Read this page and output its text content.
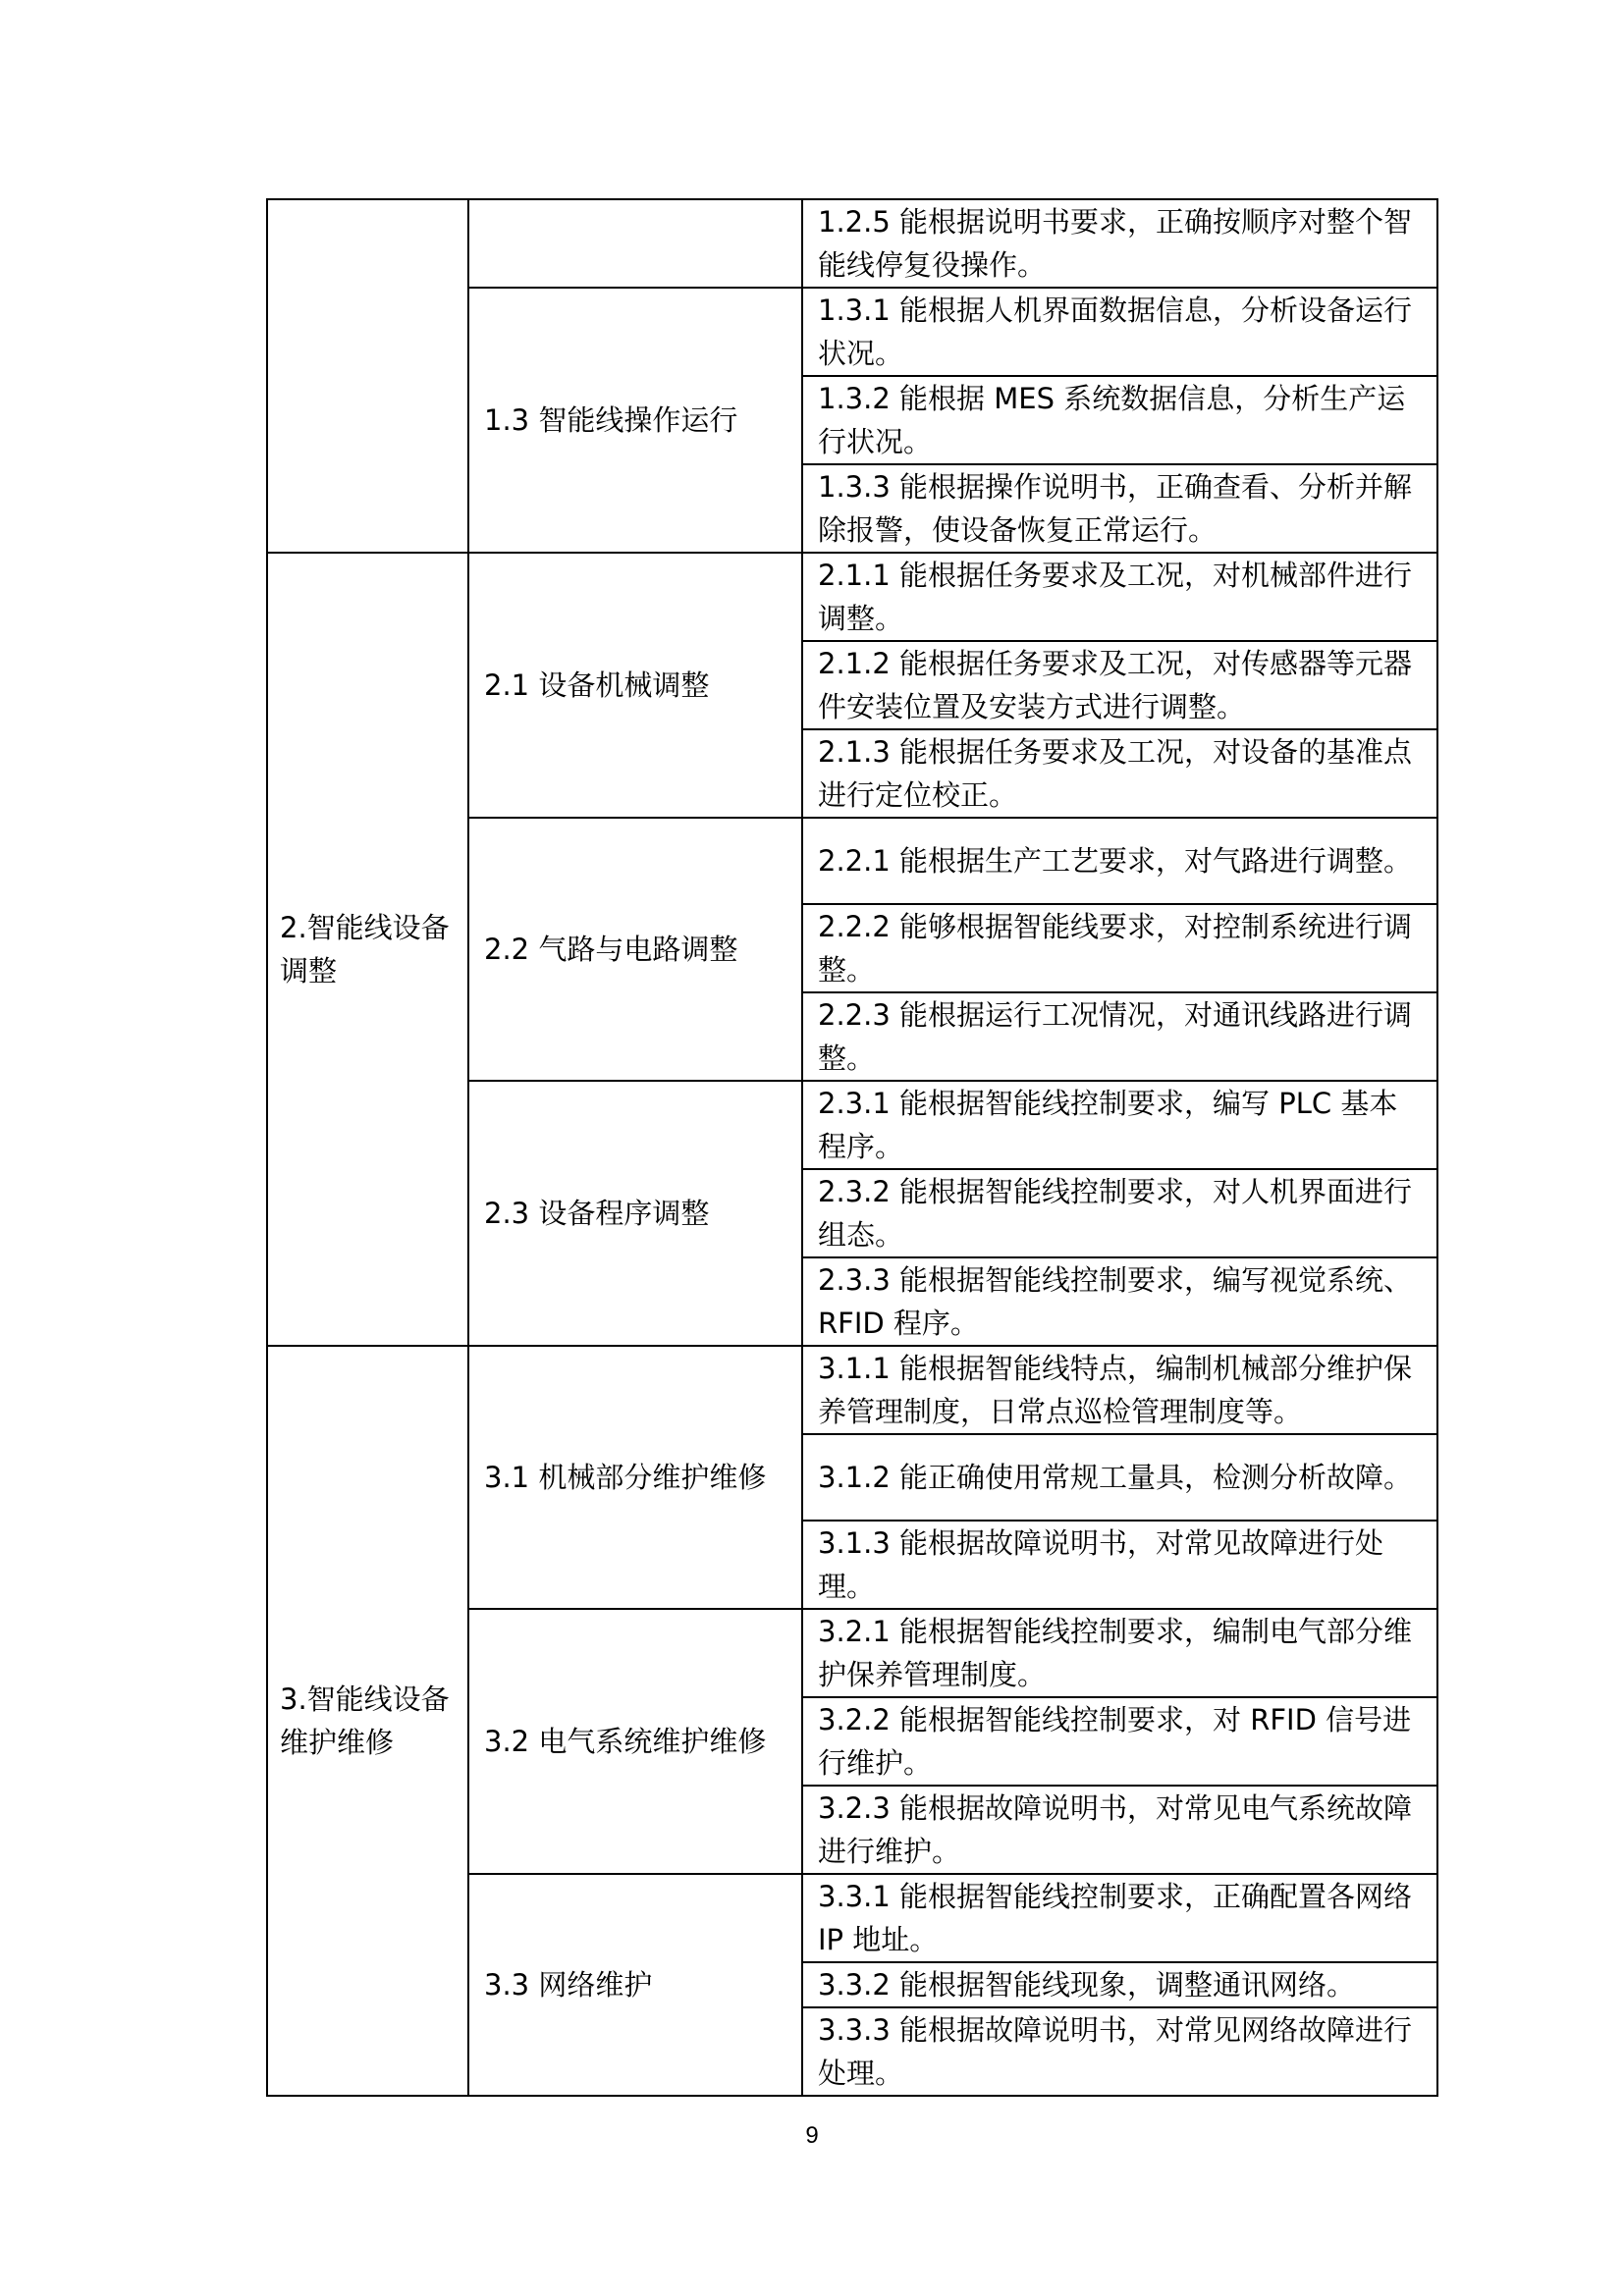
		1.2.5 能根据说明书要求，正确按顺序对整个智能线停复役操作。

	1.3 智能线操作运行	1.3.1 能根据人机界面数据信息，分析设备运行状况。

		1.3.2 能根据 MES 系统数据信息，分析生产运行状况。

		1.3.3 能根据操作说明书，正确查看、分析并解除报警，使设备恢复正常运行。

2.智能线设备调整	2.1 设备机械调整	2.1.1 能根据任务要求及工况，对机械部件进行调整。

		2.1.2 能根据任务要求及工况，对传感器等元器件安装位置及安装方式进行调整。

		2.1.3 能根据任务要求及工况，对设备的基准点进行定位校正。

	2.2 气路与电路调整	2.2.1 能根据生产工艺要求，对气路进行调整。

		2.2.2 能够根据智能线要求，对控制系统进行调整。

		2.2.3 能根据运行工况情况，对通讯线路进行调整。

	2.3 设备程序调整	2.3.1 能根据智能线控制要求，编写 PLC 基本程序。

		2.3.2 能根据智能线控制要求，对人机界面进行组态。

		2.3.3 能根据智能线控制要求，编写视觉系统、RFID 程序。

3.智能线设备维护维修	3.1 机械部分维护维修	3.1.1 能根据智能线特点，编制机械部分维护保养管理制度，日常点巡检管理制度等。

		3.1.2 能正确使用常规工量具，检测分析故障。

		3.1.3 能根据故障说明书，对常见故障进行处理。

	3.2 电气系统维护维修	3.2.1 能根据智能线控制要求，编制电气部分维护保养管理制度。

		3.2.2 能根据智能线控制要求，对 RFID 信号进行维护。

		3.2.3 能根据故障说明书，对常见电气系统故障进行维护。

	3.3 网络维护	3.3.1 能根据智能线控制要求，正确配置各网络 IP 地址。

		3.3.2 能根据智能线现象，调整通讯网络。

		3.3.3 能根据故障说明书，对常见网络故障进行处理。
9
